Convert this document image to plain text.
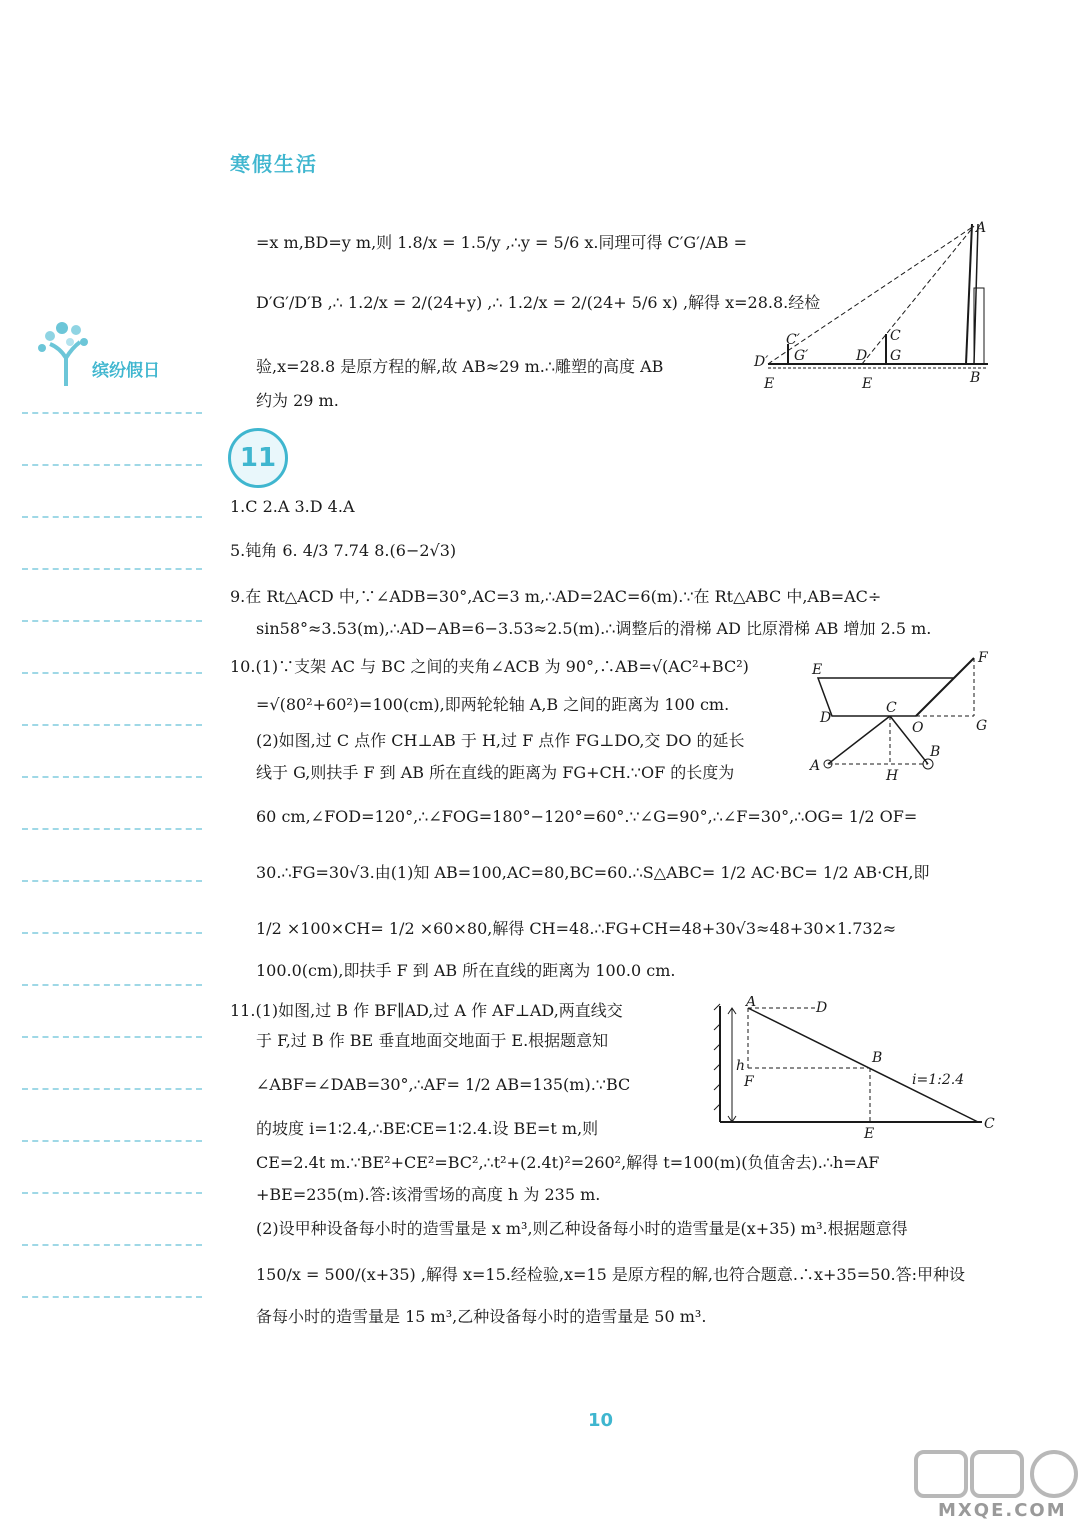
寒假生活
缤纷假日
=x m,BD=y m,则 1.8/x = 1.5/y ,∴y = 5/6 x.同理可得 C′G′/AB =
D′G′/D′B ,∴ 1.2/x = 2/(24+y) ,∴ 1.2/x = 2/(24+ 5/6 x) ,解得 x=28.8.经检
验,x=28.8 是原方程的解,故 AB≈29 m.∴雕塑的高度 AB
约为 29 m.
A
B
C
C′
D
D′
E
E
G
G′
11
1.C 2.A 3.D 4.A
5.钝角 6. 4/3 7.74 8.(6−2√3)
9.在 Rt△ACD 中,∵∠ADB=30°,AC=3 m,∴AD=2AC=6(m).∵在 Rt△ABC 中,AB=AC÷
sin58°≈3.53(m),∴AD−AB=6−3.53≈2.5(m).∴调整后的滑梯 AD 比原滑梯 AB 增加 2.5 m.
10.(1)∵支架 AC 与 BC 之间的夹角∠ACB 为 90°,∴AB=√(AC²+BC²)
=√(80²+60²)=100(cm),即两轮轮轴 A,B 之间的距离为 100 cm.
(2)如图,过 C 点作 CH⊥AB 于 H,过 F 点作 FG⊥DO,交 DO 的延长
线于 G,则扶手 F 到 AB 所在直线的距离为 FG+CH.∵OF 的长度为
60 cm,∠FOD=120°,∴∠FOG=180°−120°=60°.∵∠G=90°,∴∠F=30°,∴OG= 1/2 OF=
30.∴FG=30√3.由(1)知 AB=100,AC=80,BC=60.∴S△ABC= 1/2 AC·BC= 1/2 AB·CH,即
1/2 ×100×CH= 1/2 ×60×80,解得 CH=48.∴FG+CH=48+30√3≈48+30×1.732≈
100.0(cm),即扶手 F 到 AB 所在直线的距离为 100.0 cm.
E
F
D
C
O	G
A
B
H
11.(1)如图,过 B 作 BF∥AD,过 A 作 AF⊥AD,两直线交
于 F,过 B 作 BE 垂直地面交地面于 E.根据题意知
∠ABF=∠DAB=30°,∴AF= 1/2 AB=135(m).∵BC
的坡度 i=1∶2.4,∴BE∶CE=1∶2.4.设 BE=t m,则
CE=2.4t m.∵BE²+CE²=BC²,∴t²+(2.4t)²=260²,解得 t=100(m)(负值舍去).∴h=AF
+BE=235(m).答:该滑雪场的高度 h 为 235 m.
(2)设甲种设备每小时的造雪量是 x m³,则乙种设备每小时的造雪量是(x+35) m³.根据题意得
150/x = 500/(x+35) ,解得 x=15.经检验,x=15 是原方程的解,也符合题意.∴x+35=50.答:甲种设
备每小时的造雪量是 15 m³,乙种设备每小时的造雪量是 50 m³.
A	D
B
F
E
C
h
i=1:2.4
10
MXQE.COM
